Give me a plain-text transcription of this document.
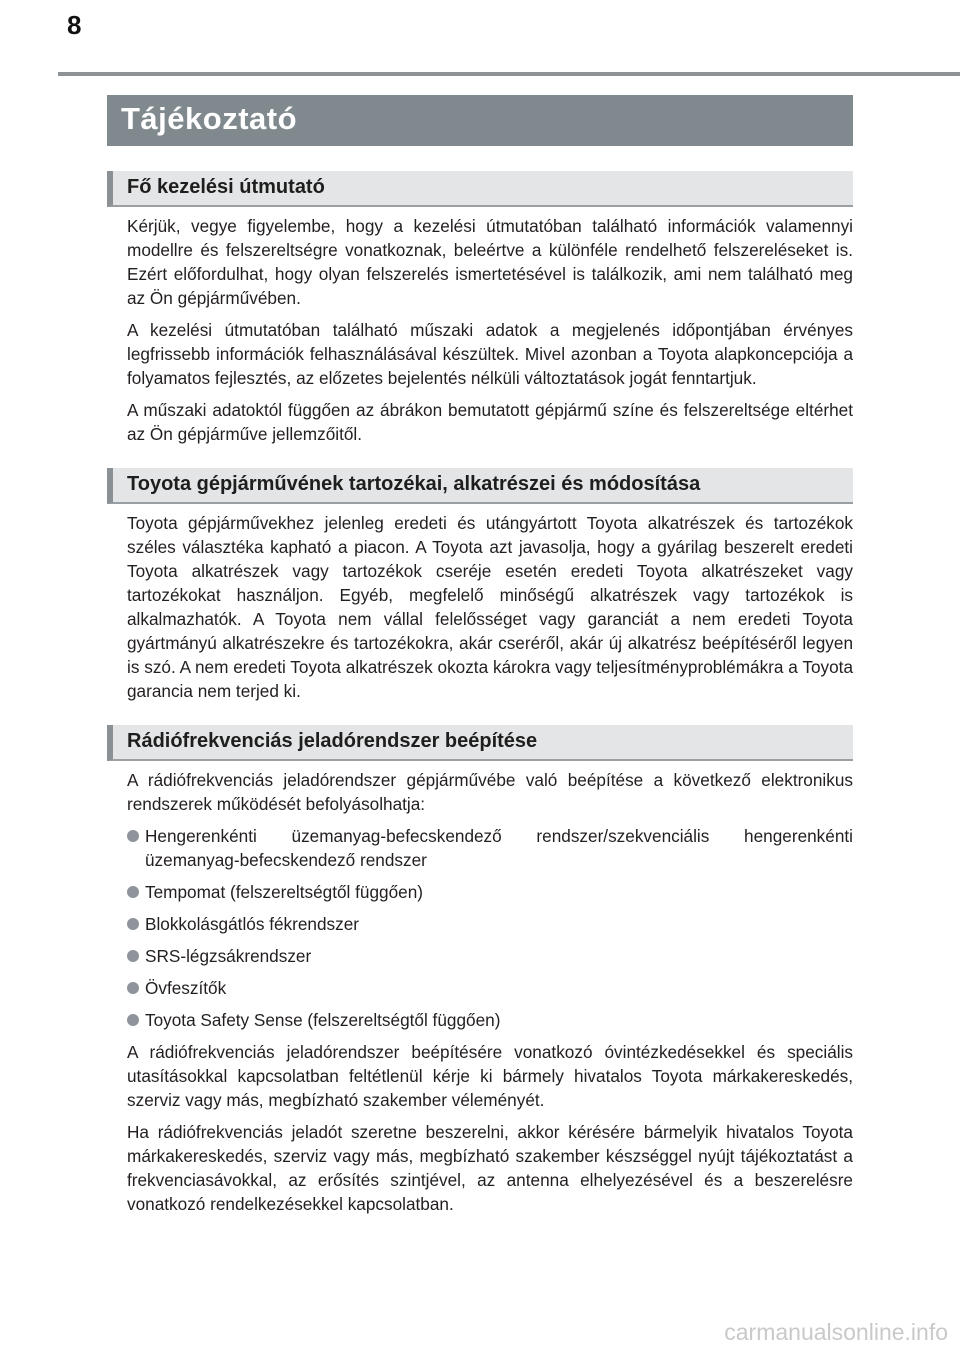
8
Tájékoztató
Fő kezelési útmutató

Kérjük, vegye figyelembe, hogy a kezelési útmutatóban található információk valamennyi modellre és felszereltségre vonatkoznak, beleértve a különféle rendelhető felszereléseket is. Ezért előfordulhat, hogy olyan felszerelés ismertetésével is találkozik, ami nem található meg az Ön gépjárművében.

A kezelési útmutatóban található műszaki adatok a megjelenés időpontjában érvényes legfrissebb információk felhasználásával készültek. Mivel azonban a Toyota alapkoncepciója a folyamatos fejlesztés, az előzetes bejelentés nélküli változtatások jogát fenntartjuk.

A műszaki adatoktól függően az ábrákon bemutatott gépjármű színe és felszereltsége eltérhet az Ön gépjárműve jellemzőitől.

Toyota gépjárművének tartozékai, alkatrészei és módosítása

Toyota gépjárművekhez jelenleg eredeti és utángyártott Toyota alkatrészek és tartozékok széles választéka kapható a piacon. A Toyota azt javasolja, hogy a gyárilag beszerelt eredeti Toyota alkatrészek vagy tartozékok cseréje esetén eredeti Toyota alkatrészeket vagy tartozékokat használjon. Egyéb, megfelelő minőségű alkatrészek vagy tartozékok is alkalmazhatók. A Toyota nem vállal felelősséget vagy garanciát a nem eredeti Toyota gyártmányú alkatrészekre és tartozékokra, akár cseréről, akár új alkatrész beépítéséről legyen is szó. A nem eredeti Toyota alkatrészek okozta károkra vagy teljesítményproblémákra a Toyota garancia nem terjed ki.

Rádiófrekvenciás jeladórendszer beépítése

A rádiófrekvenciás jeladórendszer gépjárművébe való beépítése a következő elektronikus rendszerek működését befolyásolhatja:

Hengerenkénti üzemanyag-befecskendező rendszer/szekvenciális hengerenkénti üzemanyag-befecskendező rendszer
Tempomat (felszereltségtől függően)
Blokkolásgátlós fékrendszer
SRS-légzsákrendszer
Övfeszítők
Toyota Safety Sense (felszereltségtől függően)

A rádiófrekvenciás jeladórendszer beépítésére vonatkozó óvintézkedésekkel és speciális utasításokkal kapcsolatban feltétlenül kérje ki bármely hivatalos Toyota márkakereskedés, szerviz vagy más, megbízható szakember véleményét.

Ha rádiófrekvenciás jeladót szeretne beszerelni, akkor kérésére bármelyik hivatalos Toyota márkakereskedés, szerviz vagy más, megbízható szakember készséggel nyújt tájékoztatást a frekvenciasávokkal, az erősítés szintjével, az antenna elhelyezésével és a beszerelésre vonatkozó rendelkezésekkel kapcsolatban.

carmanualsonline.info
